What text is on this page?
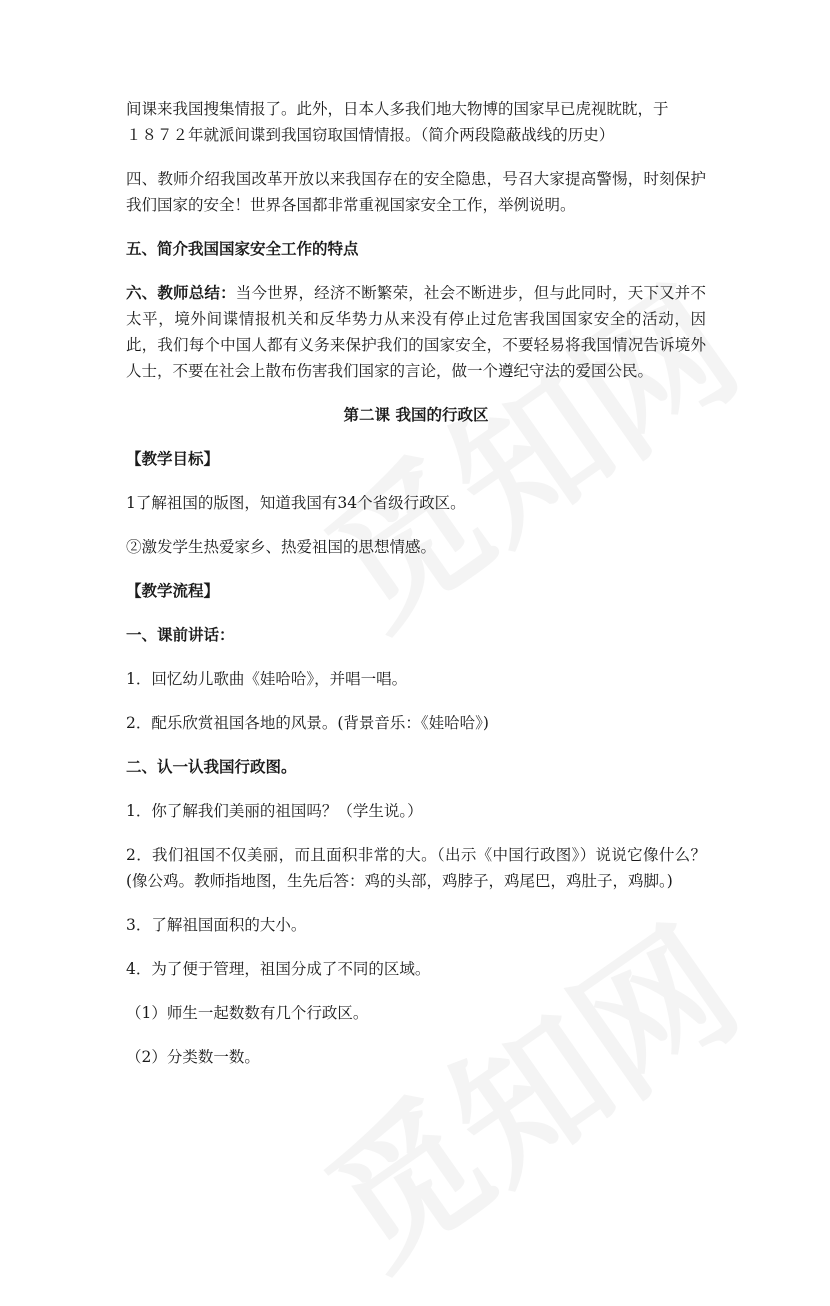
间课来我国搜集情报了。此外，日本人多我们地大物博的国家早已虎视眈眈，于
１８７２年就派间谍到我国窃取国情情报。（简介两段隐蔽战线的历史）
四、教师介绍我国改革开放以来我国存在的安全隐患，号召大家提高警惕，时刻保护我们国家的安全！世界各国都非常重视国家安全工作，举例说明。
五、简介我国国家安全工作的特点
六、教师总结：当今世界，经济不断繁荣，社会不断进步，但与此同时，天下又并不太平，境外间谍情报机关和反华势力从来没有停止过危害我国国家安全的活动，因此，我们每个中国人都有义务来保护我们的国家安全，不要轻易将我国情况告诉境外人士，不要在社会上散布伤害我们国家的言论，做一个遵纪守法的爱国公民。
第二课 我国的行政区
【教学目标】
1了解祖国的版图，知道我国有34个省级行政区。
②激发学生热爱家乡、热爱祖国的思想情感。
【教学流程】
一、课前讲话：
1．回忆幼儿歌曲《娃哈哈》，并唱一唱。
2．配乐欣赏祖国各地的风景。(背景音乐：《娃哈哈》)
二、认一认我国行政图。
1．你了解我们美丽的祖国吗？（学生说。）
2．我们祖国不仅美丽，而且面积非常的大。（出示《中国行政图》）说说它像什么？(像公鸡。教师指地图，生先后答：鸡的头部，鸡脖子，鸡尾巴，鸡肚子，鸡脚。)
3．了解祖国面积的大小。
4．为了便于管理，祖国分成了不同的区域。
（1）师生一起数数有几个行政区。
（2）分类数一数。
